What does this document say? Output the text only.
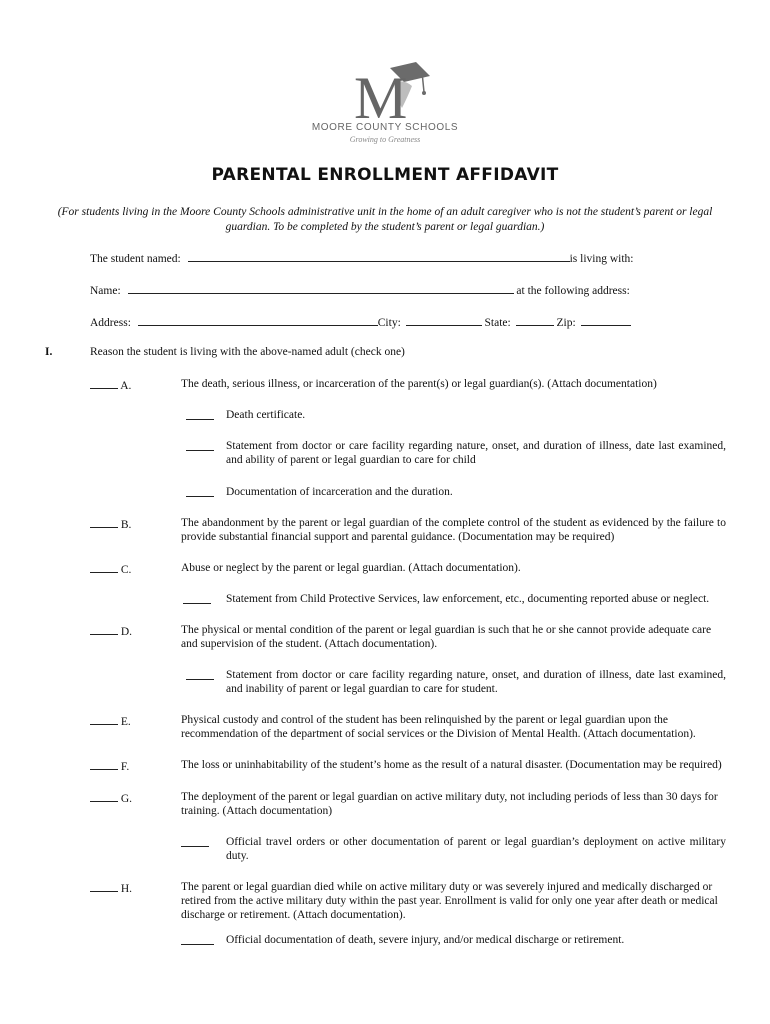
M
MOORE COUNTY SCHOOLS
Growing to Greatness
PARENTAL ENROLLMENT AFFIDAVIT
(For students living in the Moore County Schools administrative unit in the home of an adult caregiver who is not the student’s parent or legal guardian. To be completed by the student’s parent or legal guardian.)
The student named:	is living with:
Name:	at the following address:
Address:	City:	State:	Zip:
I.	Reason the student is living with the above-named adult (check one)
A.	The death, serious illness, or incarceration of the parent(s) or legal guardian(s). (Attach documentation)
Death certificate.
Statement from doctor or care facility regarding nature, onset, and duration of illness, date last examined, and ability of parent or legal guardian to care for child
Documentation of incarceration and the duration.
B.	The abandonment by the parent or legal guardian of the complete control of the student as evidenced by the failure to provide substantial financial support and parental guidance. (Documentation may be required)
C.	Abuse or neglect by the parent or legal guardian. (Attach documentation).
Statement from Child Protective Services, law enforcement, etc., documenting reported abuse or neglect.
D.	The physical or mental condition of the parent or legal guardian is such that he or she cannot provide adequate care and supervision of the student. (Attach documentation).
Statement from doctor or care facility regarding nature, onset, and duration of illness, date last examined, and inability of parent or legal guardian to care for student.
E.	Physical custody and control of the student has been relinquished by the parent or legal guardian upon the recommendation of the department of social services or the Division of Mental Health. (Attach documentation).
F.	The loss or uninhabitability of the student’s home as the result of a natural disaster. (Documentation may be required)
G.	The deployment of the parent or legal guardian on active military duty, not including periods of less than 30 days for training. (Attach documentation)
Official travel orders or other documentation of parent or legal guardian’s deployment on active military duty.
H.	The parent or legal guardian died while on active military duty or was severely injured and medically discharged or retired from the active military duty within the past year. Enrollment is valid for only one year after death or medical discharge or retirement. (Attach documentation).
Official documentation of death, severe injury, and/or medical discharge or retirement.
